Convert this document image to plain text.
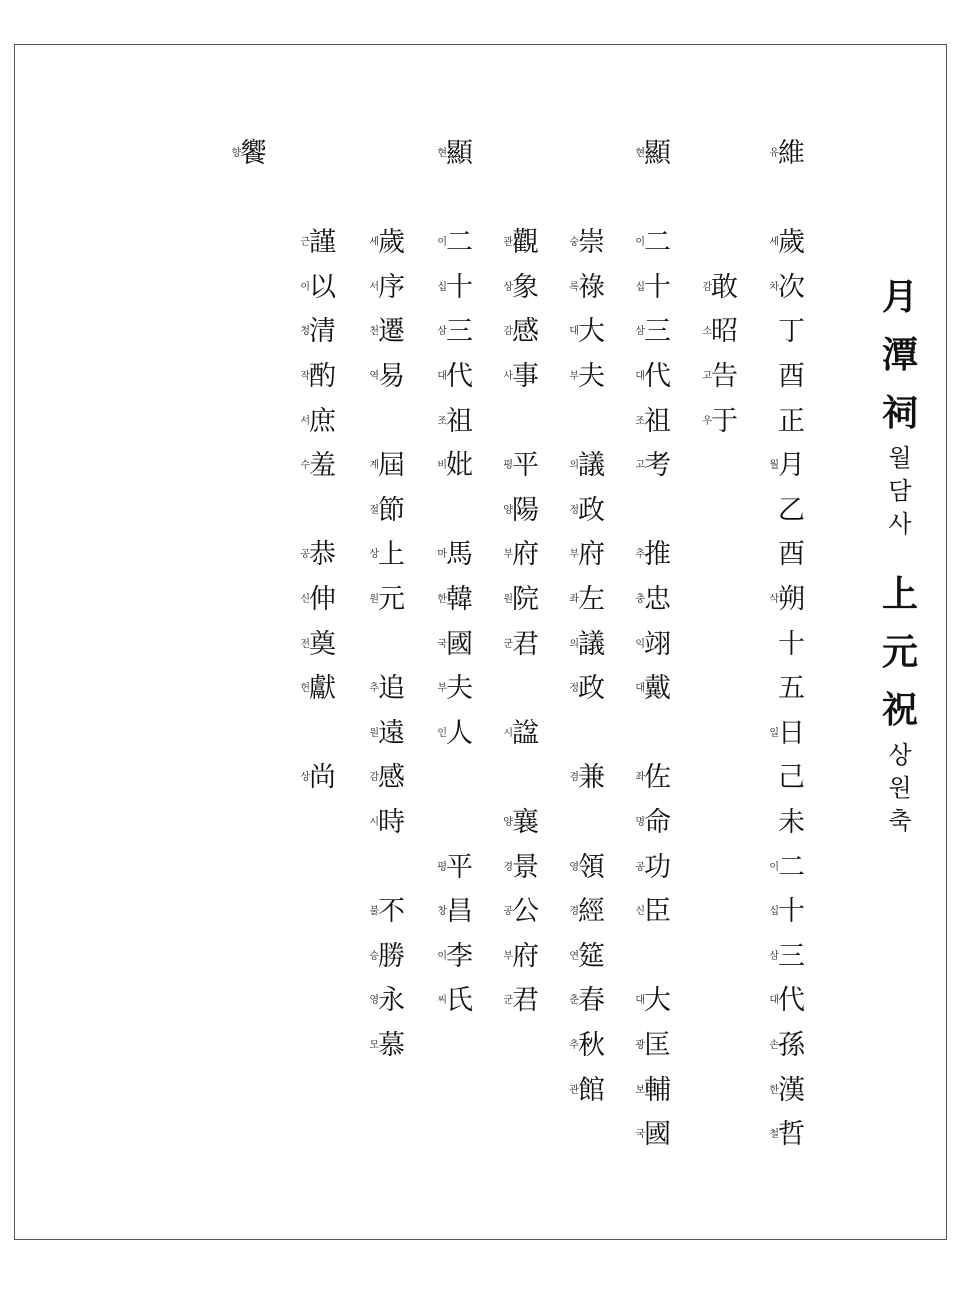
月
潭
祠
월
담
사
上
元
祝
상
원
축
유 維
세 歲
차 次
丁
酉
正
월 月
乙
酉
삭 朔
十
五
일 日
己
未
이 二
십 十
삼 三
대 代
손 孫
한 漢
철 哲
감 敢
소 昭
고 告
우 于
현 顯
이 二
십 十
삼 三
대 代
조 祖
고 考
추 推
충 忠
익 翊
대 戴
좌 佐
명 命
공 功
신 臣
대 大
광 匡
보 輔
국 國
숭 崇
록 祿
대 大
부 夫
의 議
정 政
부 府
좌 左
의 議
정 政
겸 兼
영 領
경 經
연 筵
춘 春
추 秋
관 館
관 觀
상 象
감 感
사 事
평 平
양 陽
부 府
원 院
군 君
시 諡
양 襄
경 景
공 公
부 府
군 君
현 顯
이 二
십 十
삼 三
대 代
조 祖
비 妣
마 馬
한 韓
국 國
부 夫
인 人
평 平
창 昌
이 李
씨 氏
세 歲
서 序
천 遷
역 易
계 屆
절 節
상 上
원 元
추 追
원 遠
감 感
시 時
불 不
승 勝
영 永
모 慕
근 謹
이 以
청 清
작 酌
서 庶
수 羞
공 恭
신 伸
전 奠
헌 獻
상 尚
향 饗
